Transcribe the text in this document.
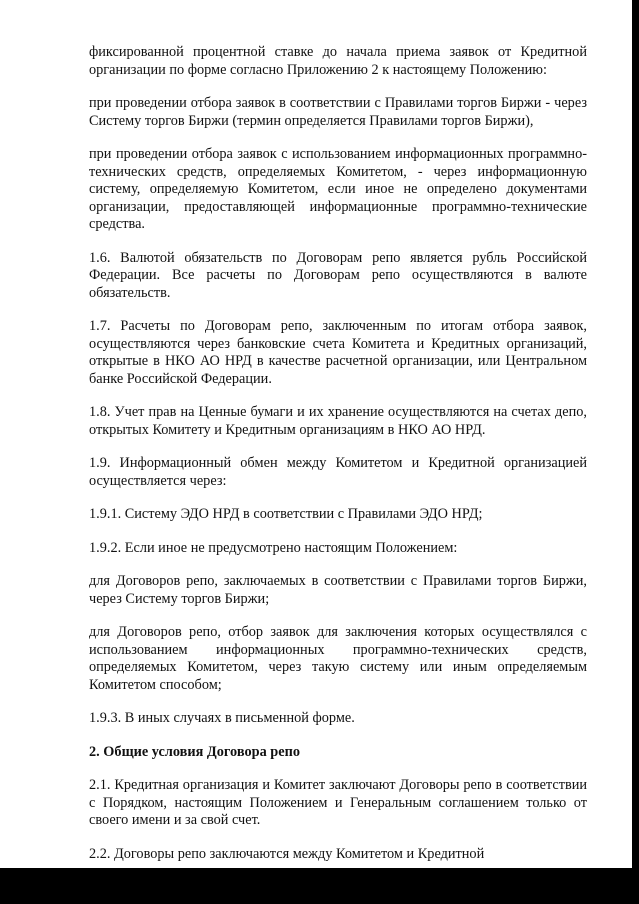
фиксированной процентной ставке до начала приема заявок от Кредитной организации по форме согласно Приложению 2 к настоящему Положению:

при проведении отбора заявок в соответствии с Правилами торгов Биржи - через Систему торгов Биржи (термин определяется Правилами торгов Биржи),

при проведении отбора заявок с использованием информационных программно-технических средств, определяемых Комитетом, - через информационную систему, определяемую Комитетом, если иное не определено документами организации, предоставляющей информационные программно-технические средства.

1.6. Валютой обязательств по Договорам репо является рубль Российской Федерации. Все расчеты по Договорам репо осуществляются в валюте обязательств.

1.7. Расчеты по Договорам репо, заключенным по итогам отбора заявок, осуществляются через банковские счета Комитета и Кредитных организаций, открытые в НКО АО НРД в качестве расчетной организации, или Центральном банке Российской Федерации.

1.8. Учет прав на Ценные бумаги и их хранение осуществляются на счетах депо, открытых Комитету и Кредитным организациям в НКО АО НРД.

1.9. Информационный обмен между Комитетом и Кредитной организацией осуществляется через:

1.9.1. Систему ЭДО НРД в соответствии с Правилами ЭДО НРД;

1.9.2. Если иное не предусмотрено настоящим Положением:

для Договоров репо, заключаемых в соответствии с Правилами торгов Биржи, через Систему торгов Биржи;

для Договоров репо, отбор заявок для заключения которых осуществлялся с использованием информационных программно-технических средств, определяемых Комитетом, через такую систему или иным определяемым Комитетом способом;

1.9.3. В иных случаях в письменной форме.

2. Общие условия Договора репо

2.1. Кредитная организация и Комитет заключают Договоры репо в соответствии с Порядком, настоящим Положением и Генеральным соглашением только от своего имени и за свой счет.

2.2. Договоры репо заключаются между Комитетом и Кредитной
